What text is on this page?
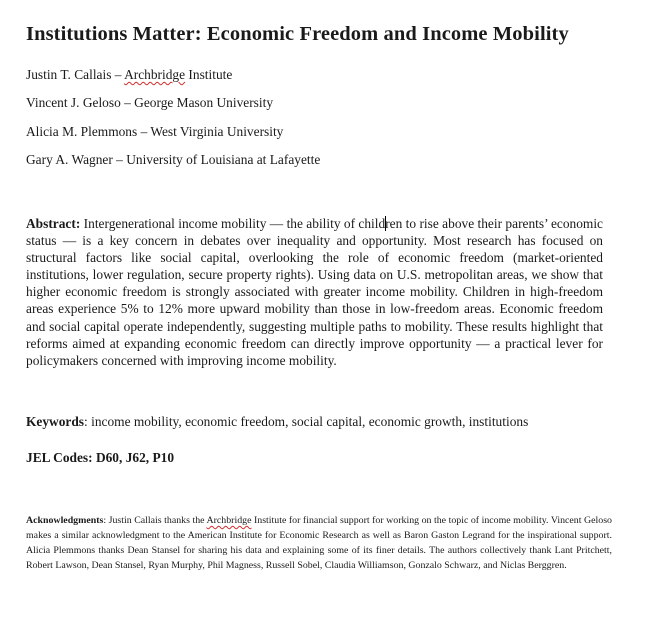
Institutions Matter: Economic Freedom and Income Mobility
Justin T. Callais – Archbridge Institute
Vincent J. Geloso – George Mason University
Alicia M. Plemmons – West Virginia University
Gary A. Wagner – University of Louisiana at Lafayette
Abstract: Intergenerational income mobility — the ability of children to rise above their parents’ economic status — is a key concern in debates over inequality and opportunity. Most research has focused on structural factors like social capital, overlooking the role of economic freedom (market-oriented institutions, lower regulation, secure property rights). Using data on U.S. metropolitan areas, we show that higher economic freedom is strongly associated with greater income mobility. Children in high-freedom areas experience 5% to 12% more upward mobility than those in low-freedom areas. Economic freedom and social capital operate independently, suggesting multiple paths to mobility. These results highlight that reforms aimed at expanding economic freedom can directly improve opportunity — a practical lever for policymakers concerned with improving income mobility.
Keywords: income mobility, economic freedom, social capital, economic growth, institutions
JEL Codes: D60, J62, P10
Acknowledgments: Justin Callais thanks the Archbridge Institute for financial support for working on the topic of income mobility. Vincent Geloso makes a similar acknowledgment to the American Institute for Economic Research as well as Baron Gaston Legrand for the inspirational support. Alicia Plemmons thanks Dean Stansel for sharing his data and explaining some of its finer details. The authors collectively thank Lant Pritchett, Robert Lawson, Dean Stansel, Ryan Murphy, Phil Magness, Russell Sobel, Claudia Williamson, Gonzalo Schwarz, and Niclas Berggren.
